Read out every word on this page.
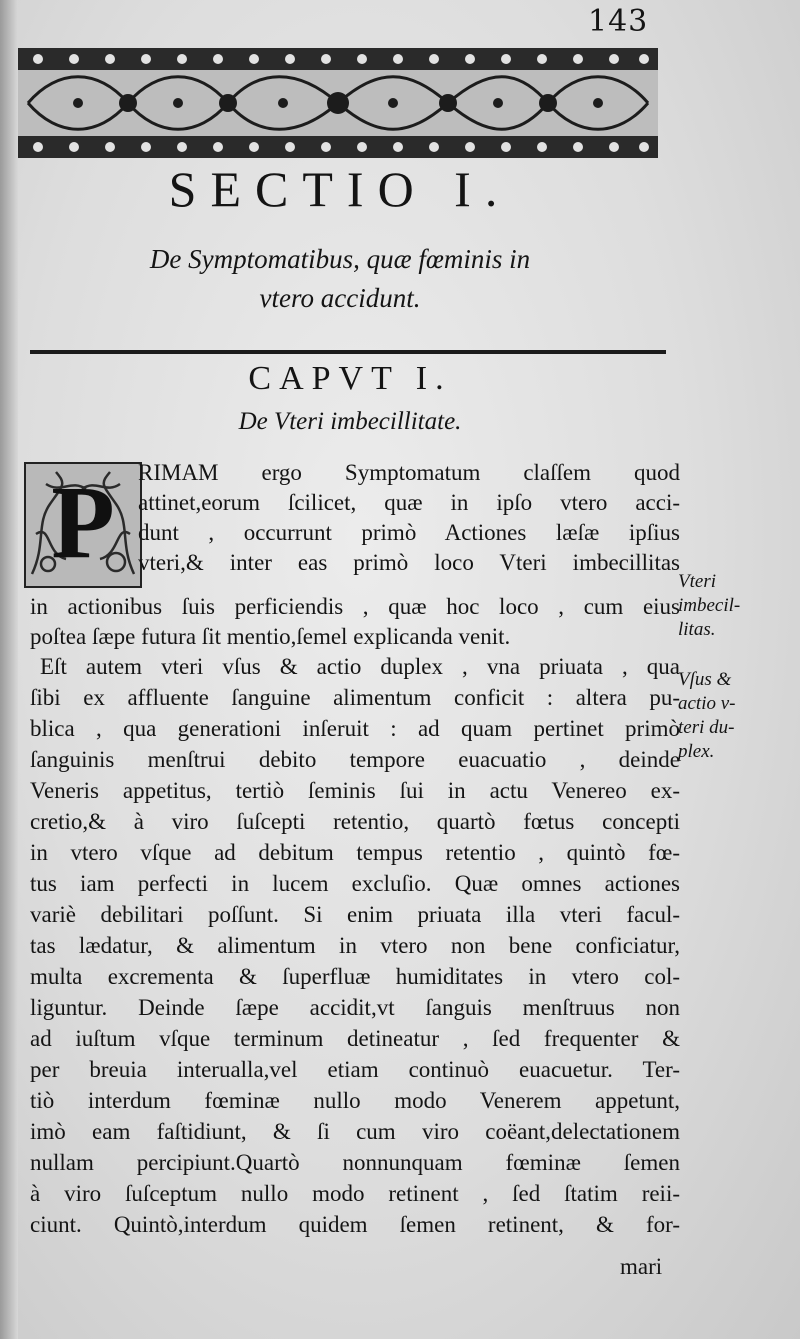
143
SECTIO I.
De Symptomatibus, quæ fœminis in
vtero accidunt.
CAPVT I.
De Vteri imbecillitate.
P	RIMAM ergo Symptomatum claſſem quod
attinet,eorum ſcilicet, quæ in ipſo vtero acci-
dunt , occurrunt primò Actiones læſæ ipſius
vteri,& inter eas primò loco Vteri imbecillitas
in actionibus ſuis perficiendis , quæ hoc loco , cum eius
poſtea ſæpe futura ſit mentio,ſemel explicanda venit.
Eſt autem vteri vſus & actio duplex , vna priuata , qua
ſibi ex affluente ſanguine alimentum conficit : altera pu-
blica , qua generationi inſeruit : ad quam pertinet primò
ſanguinis menſtrui debito tempore euacuatio , deinde
Veneris appetitus, tertiò ſeminis ſui in actu Venereo ex-
cretio,& à viro ſuſcepti retentio, quartò fœtus concepti
in vtero vſque ad debitum tempus retentio , quintò fœ-
tus iam perfecti in lucem excluſio. Quæ omnes actiones
variè debilitari poſſunt. Si enim priuata illa vteri facul-
tas lædatur, & alimentum in vtero non bene conficiatur,
multa excrementa & ſuperfluæ humiditates in vtero col-
liguntur. Deinde ſæpe accidit,vt ſanguis menſtruus non
ad iuſtum vſque terminum detineatur , ſed frequenter &
per breuia interualla,vel etiam continuò euacuetur. Ter-
tiò interdum fœminæ nullo modo Venerem appetunt,
imò eam faſtidiunt, & ſi cum viro coëant,delectationem
nullam percipiunt.Quartò nonnunquam fœminæ ſemen
à viro ſuſceptum nullo modo retinent , ſed ſtatim reii-
ciunt. Quintò,interdum quidem ſemen retinent, & for-
Vteri
imbecil-
litas.
Vſus &
actio v-
teri du-
plex.
mari
